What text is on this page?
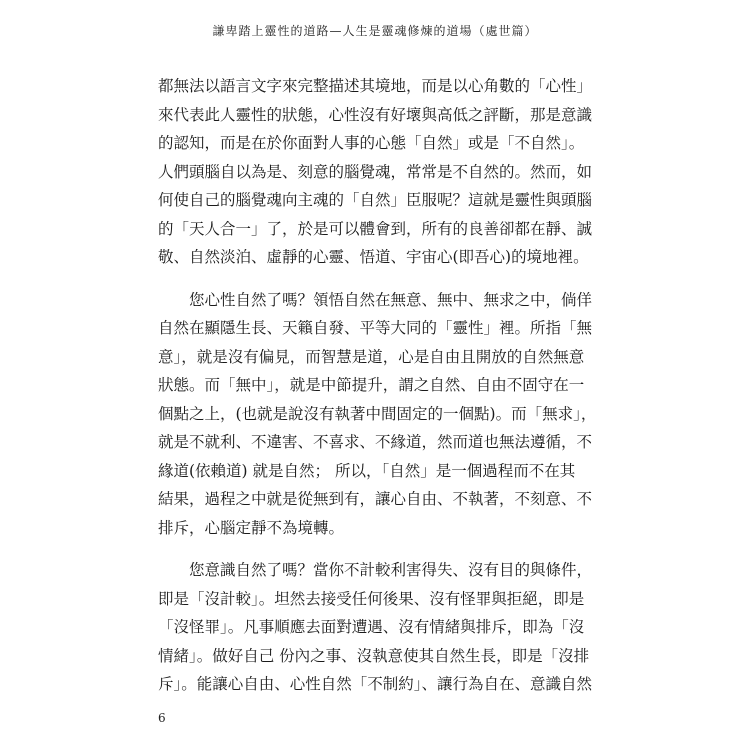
謙卑踏上靈性的道路—人生是靈魂修煉的道場（處世篇）

都無法以語言文字來完整描述其境地，而是以心角數的「心性」
來代表此人靈性的狀態，心性沒有好壞與高低之評斷，那是意識
的認知，而是在於你面對人事的心態「自然」或是「不自然」。
人們頭腦自以為是、刻意的腦覺魂，常常是不自然的。然而，如
何使自己的腦覺魂向主魂的「自然」臣服呢？這就是靈性與頭腦
的「天人合一」了，於是可以體會到，所有的良善卻都在靜、誠
敬、自然淡泊、虛靜的心靈、悟道、宇宙心(即吾心)的境地裡。

　　您心性自然了嗎？領悟自然在無意、無中、無求之中，倘佯
自然在顯隱生長、天籟自發、平等大同的「靈性」裡。所指「無
意」，就是沒有偏見，而智慧是道，心是自由且開放的自然無意
狀態。而「無中」，就是中節提升，謂之自然、自由不固守在一
個點之上，(也就是說沒有執著中間固定的一個點)。而「無求」，
就是不就利、不違害、不喜求、不緣道，然而道也無法遵循，不
緣道(依賴道) 就是自然； 所以，「自然」是一個過程而不在其
結果，過程之中就是從無到有，讓心自由、不執著，不刻意、不
排斥，心腦定靜不為境轉。

　　您意識自然了嗎？當你不計較利害得失、沒有目的與條件，
即是「沒計較」。坦然去接受任何後果、沒有怪罪與拒絕，即是
「沒怪罪」。凡事順應去面對遭遇、沒有情緒與排斥，即為「沒
情緒」。做好自己 份內之事、沒執意使其自然生長，即是「沒排
斥」。能讓心自由、心性自然「不制約」、讓行為自在、意識自然

6
